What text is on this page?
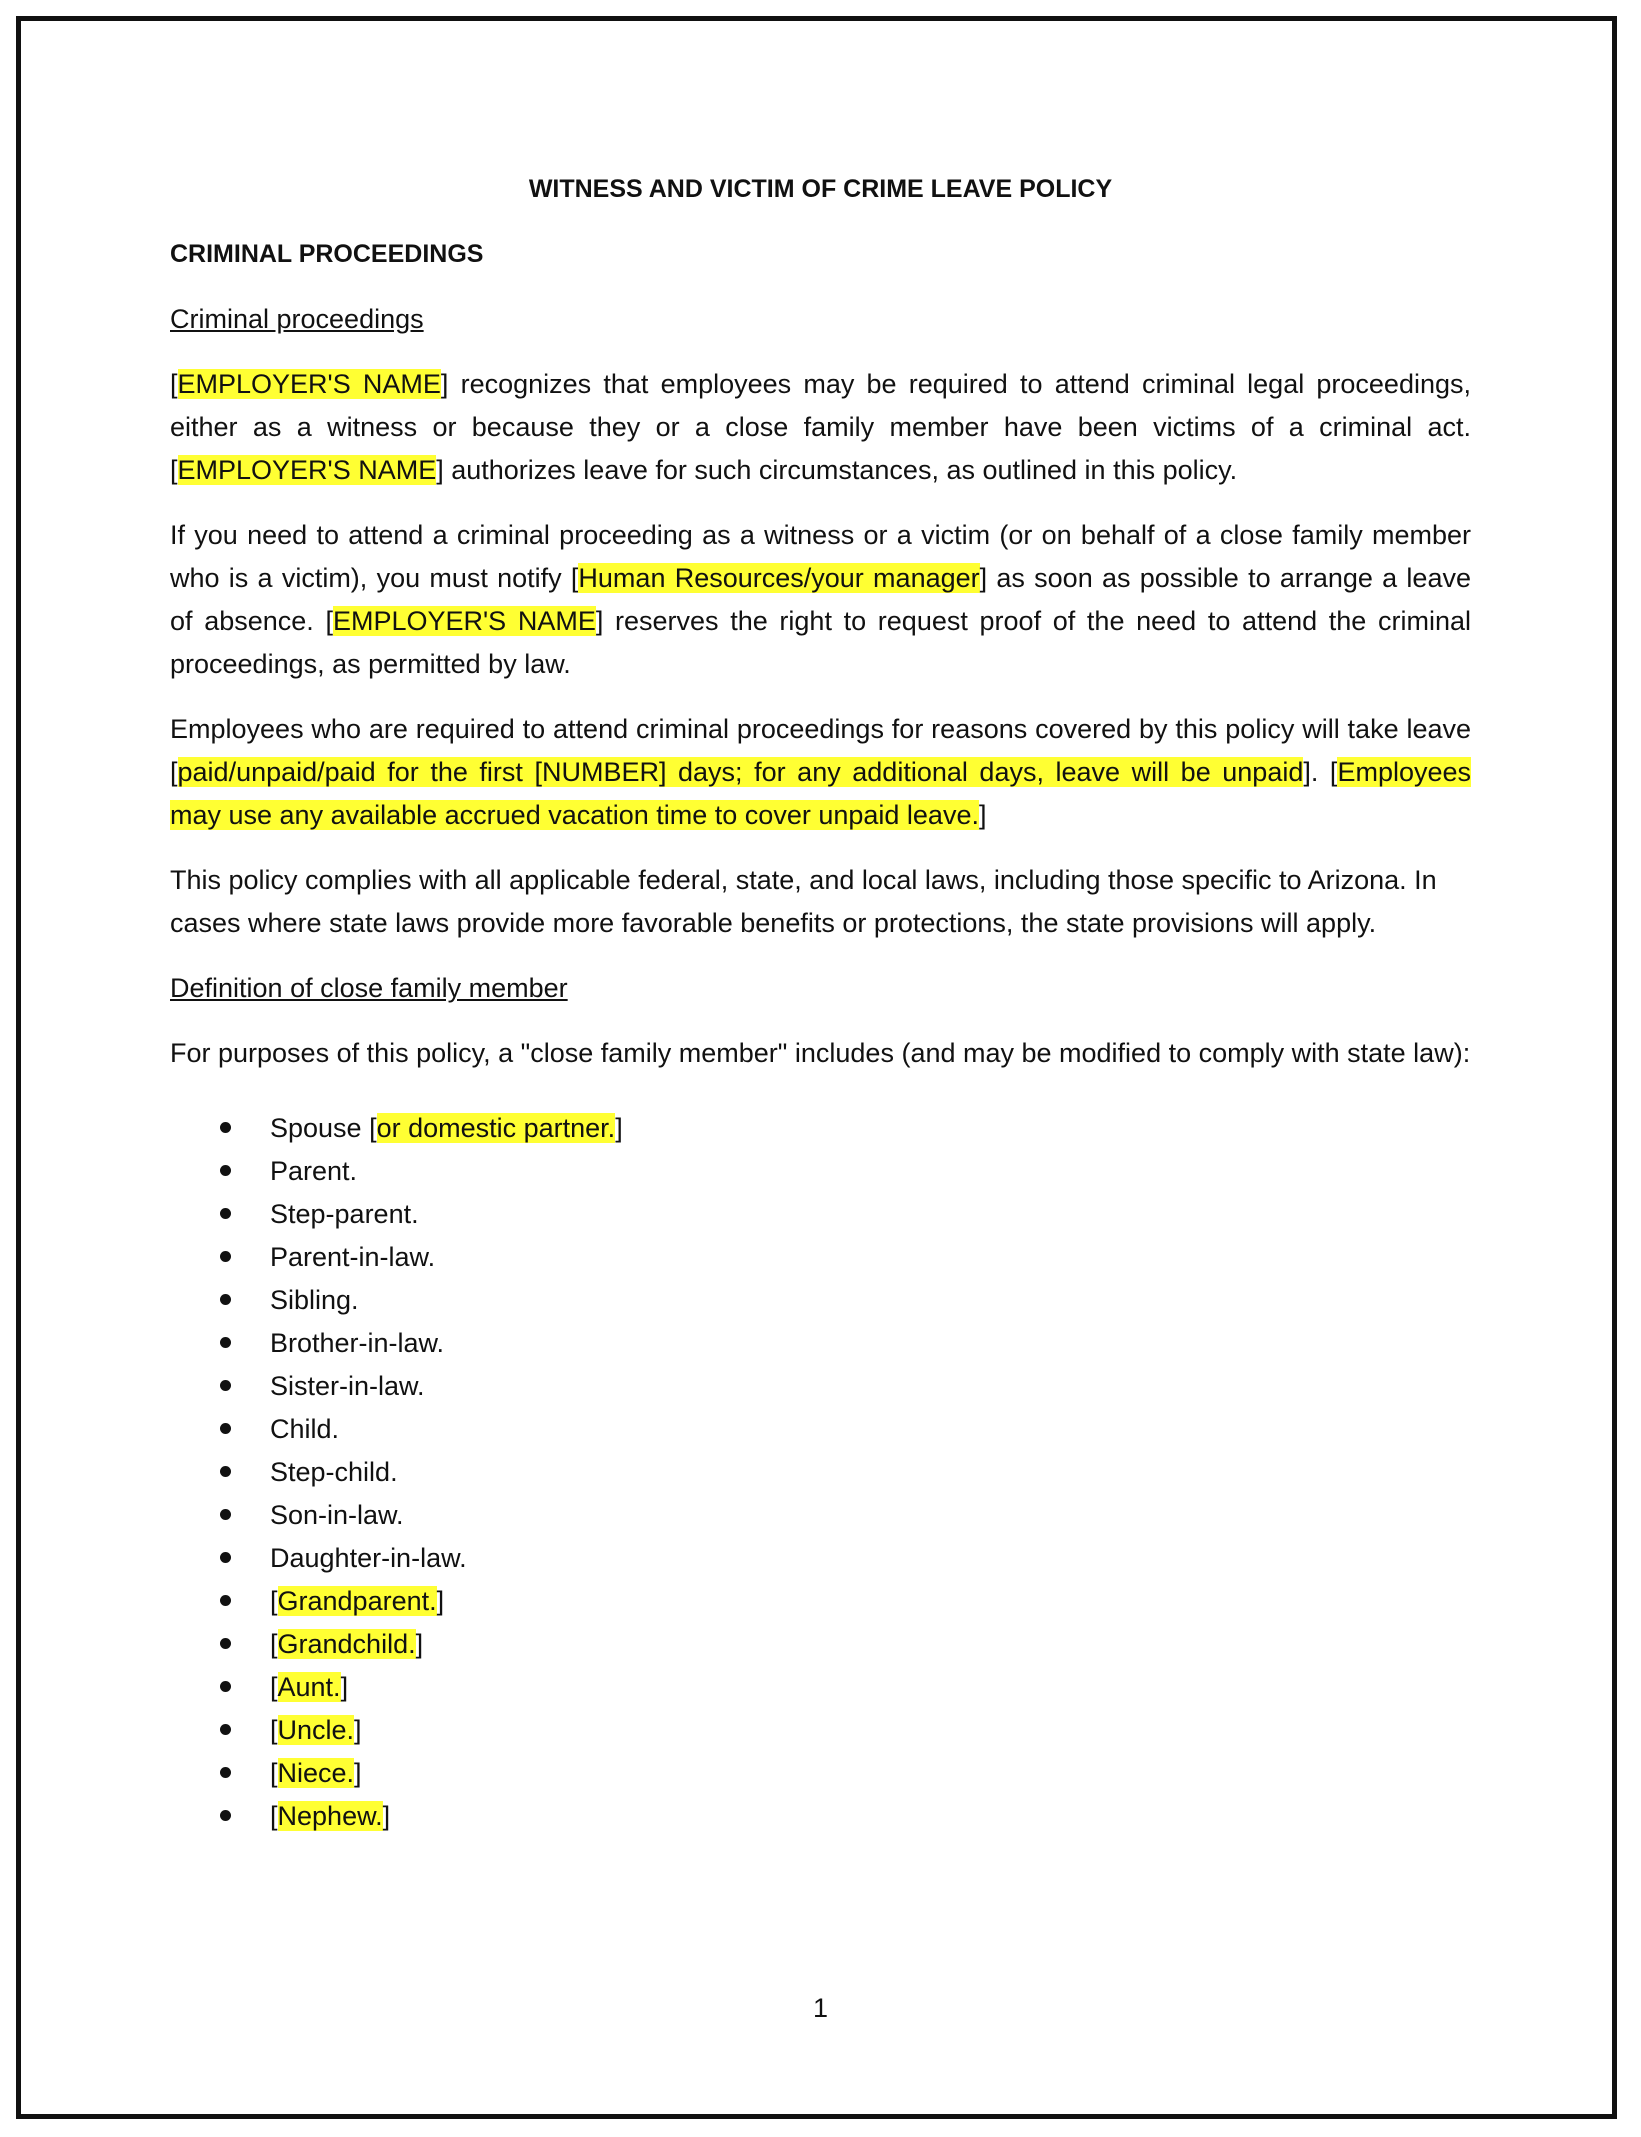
WITNESS AND VICTIM OF CRIME LEAVE POLICY
CRIMINAL PROCEEDINGS
Criminal proceedings

[EMPLOYER'S NAME] recognizes that employees may be required to attend criminal legal proceedings, either as a witness or because they or a close family member have been victims of a criminal act. [EMPLOYER'S NAME] authorizes leave for such circumstances, as outlined in this policy.

If you need to attend a criminal proceeding as a witness or a victim (or on behalf of a close family member who is a victim), you must notify [Human Resources/your manager] as soon as possible to arrange a leave of absence. [EMPLOYER'S NAME] reserves the right to request proof of the need to attend the criminal proceedings, as permitted by law.

Employees who are required to attend criminal proceedings for reasons covered by this policy will take leave [paid/unpaid/paid for the first [NUMBER] days; for any additional days, leave will be unpaid]. [Employees may use any available accrued vacation time to cover unpaid leave.]

This policy complies with all applicable federal, state, and local laws, including those specific to Arizona. In cases where state laws provide more favorable benefits or protections, the state provisions will apply.

Definition of close family member

For purposes of this policy, a "close family member" includes (and may be modified to comply with state law):

Spouse [or domestic partner.]
Parent.
Step-parent.
Parent-in-law.
Sibling.
Brother-in-law.
Sister-in-law.
Child.
Step-child.
Son-in-law.
Daughter-in-law.
[Grandparent.]
[Grandchild.]
[Aunt.]
[Uncle.]
[Niece.]
[Nephew.]
1
